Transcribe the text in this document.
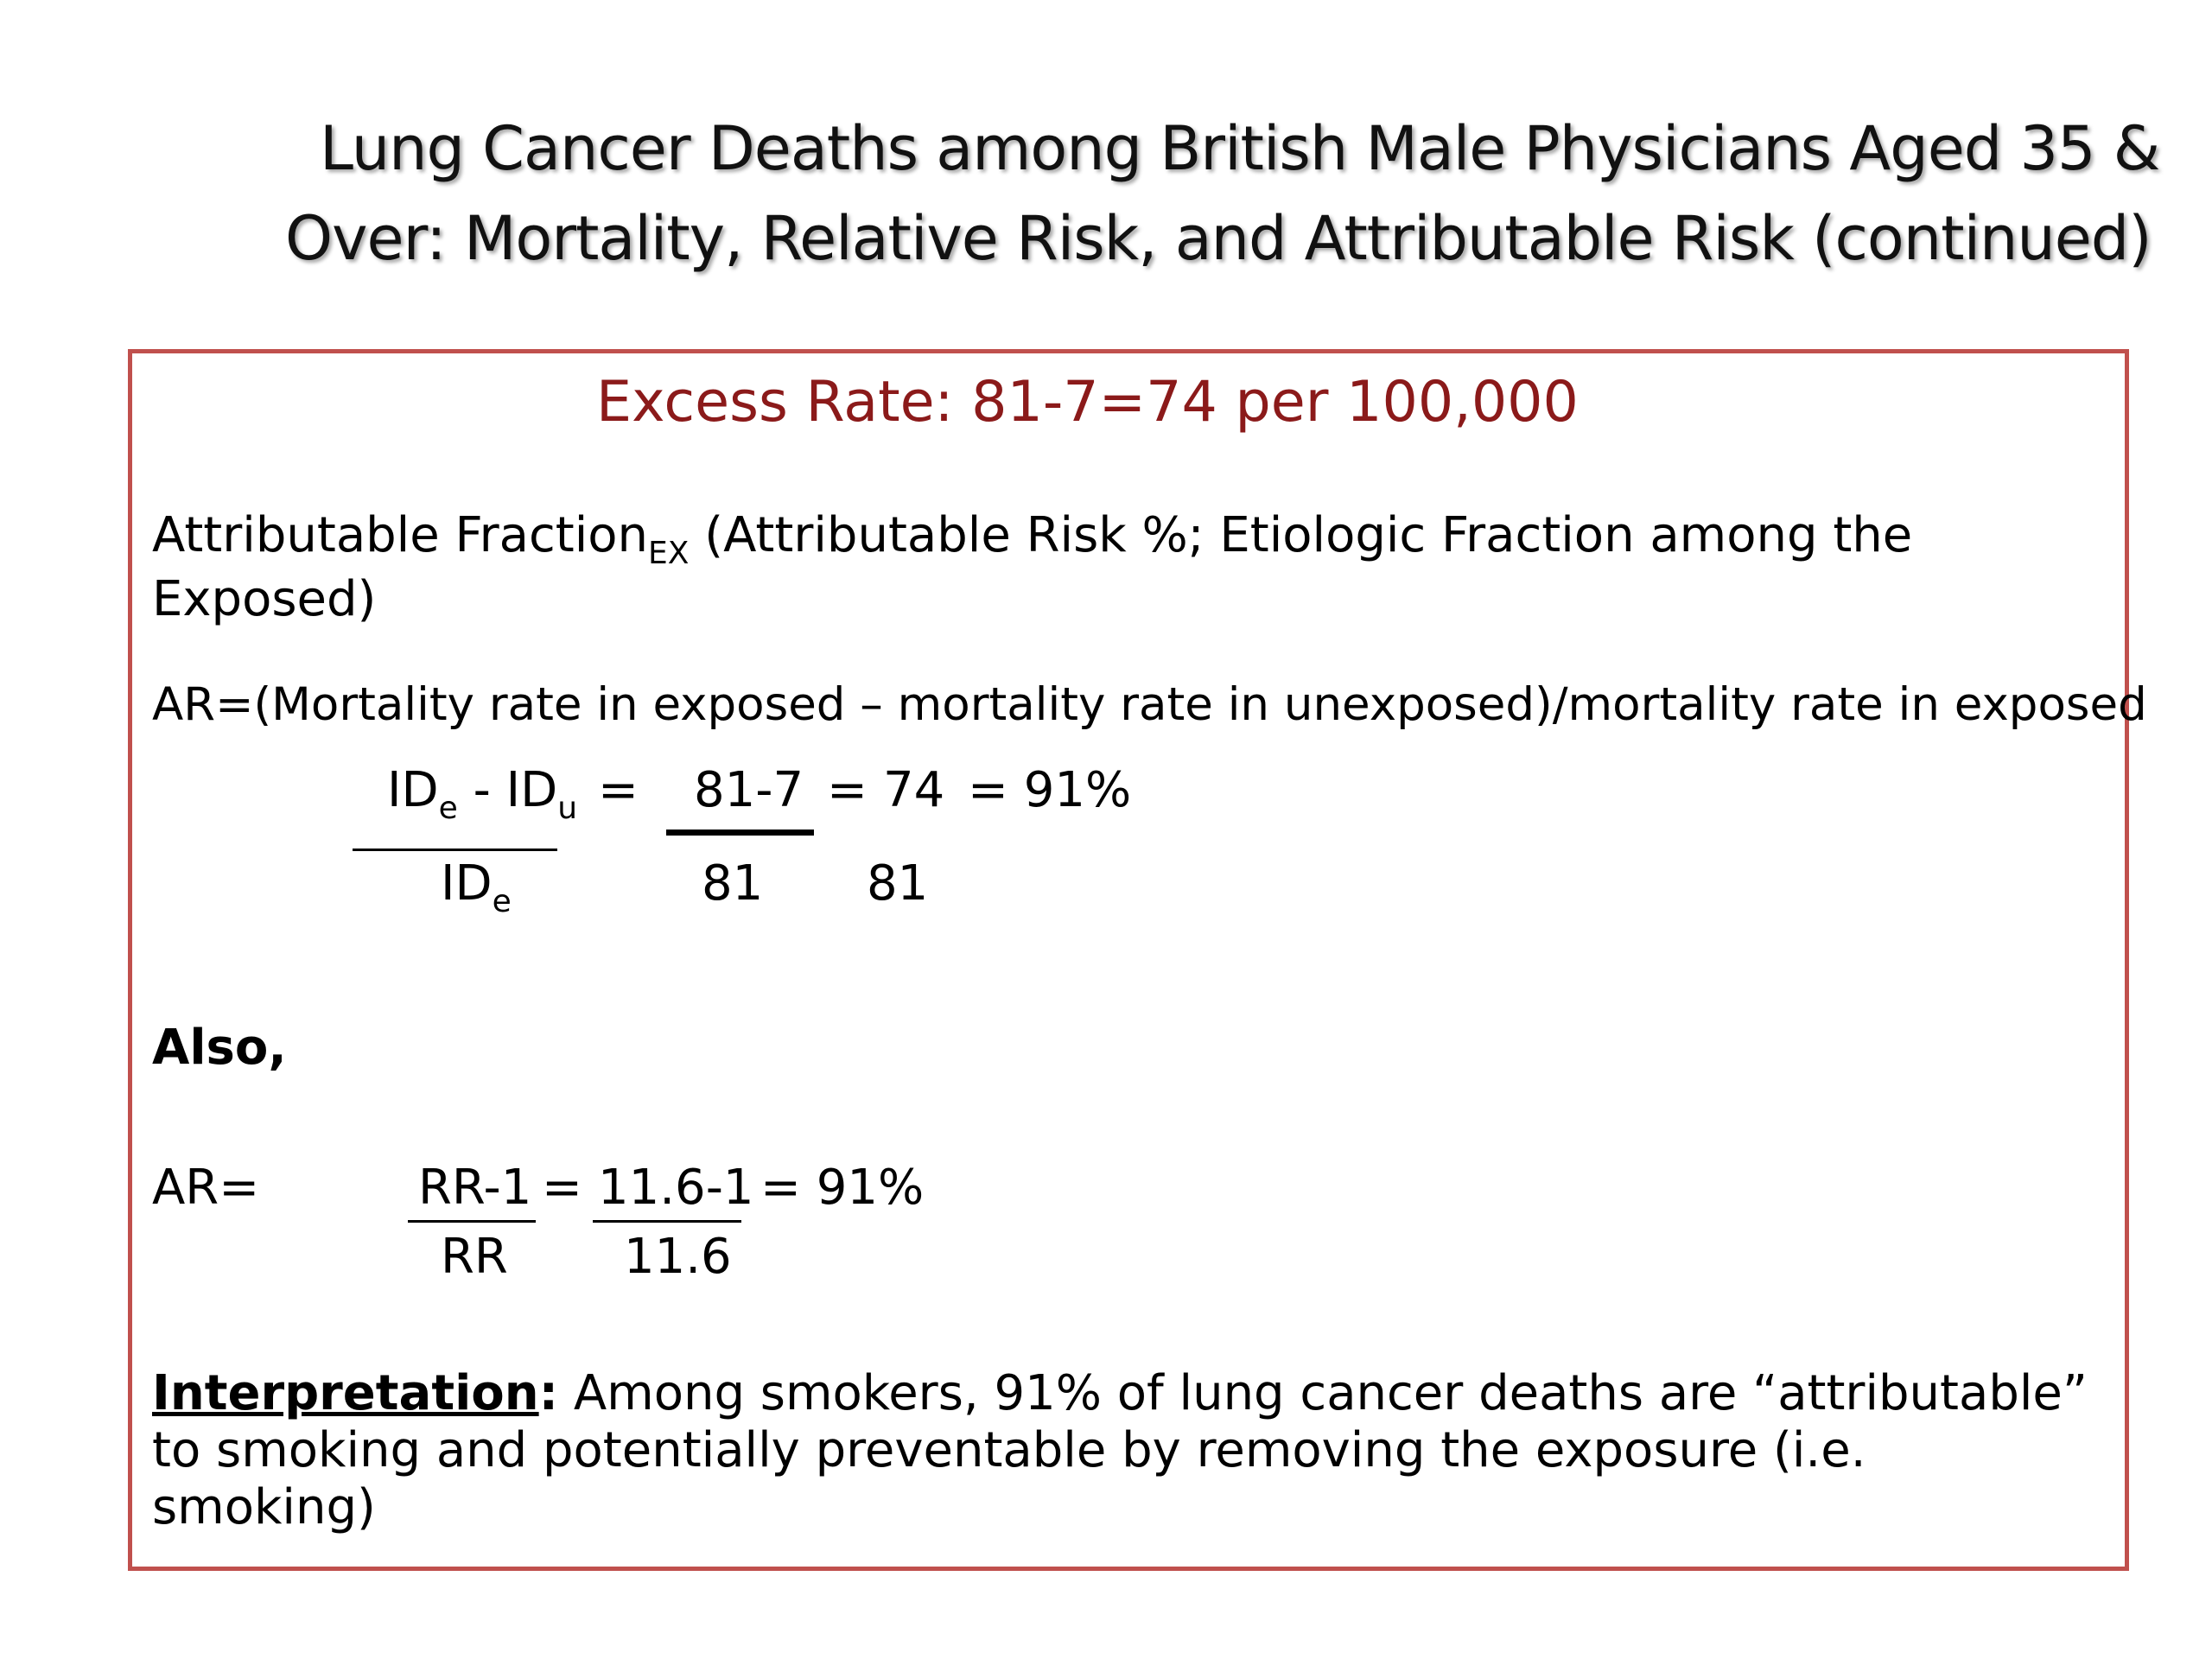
Lung Cancer Deaths among British Male Physicians Aged 35 &
Over: Mortality, Relative Risk, and Attributable Risk (continued)
Excess Rate: 81-7=74 per 100,000
Attributable Fraction$_{EX}$ (Attributable Risk %; Etiologic Fraction among the Exposed)
AR=(Mortality rate in exposed – mortality rate in unexposed)/mortality rate in exposed
$ID_e - ID_u = 81-7 = 74 = 91\%$
$ID_e$	81 81
Also,
AR=	RR-1 = 11.6-1 = 91%
RR 11.6
Interpretation: Among smokers, 91% of lung cancer deaths are “attributable” to smoking and potentially preventable by removing the exposure (i.e. smoking)
